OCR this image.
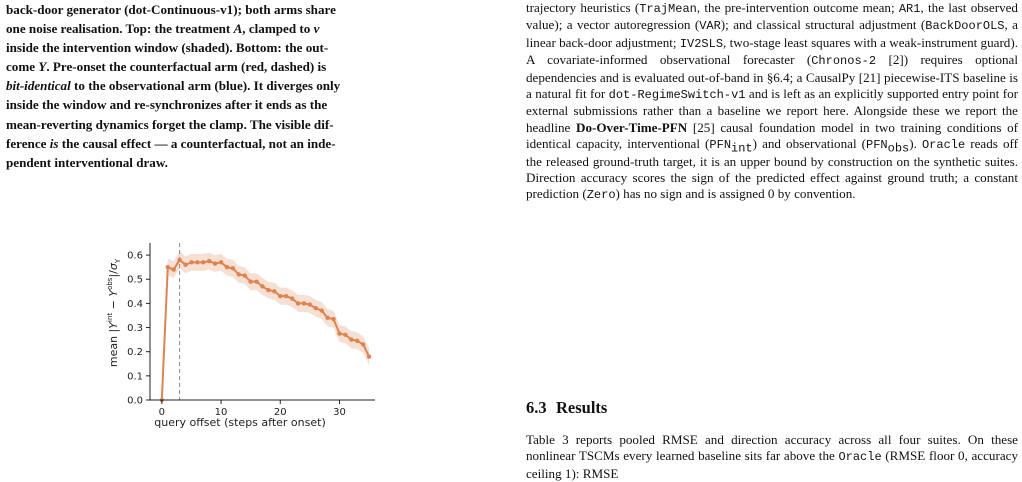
back-door generator (dot-Continuous-v1); both arms share
one noise realisation. Top: the treatment A, clamped to v
inside the intervention window (shaded). Bottom: the out-
come Y. Pre-onset the counterfactual arm (red, dashed) is
bit-identical to the observational arm (blue). It diverges only
inside the window and re-synchronizes after it ends as the
mean-reverting dynamics forget the clamp. The visible dif-
ference is the causal effect — a counterfactual, not an inde-
pendent interventional draw.
0	10	20	30
0.0
0.1
0.2
0.3
0.4
0.5
0.6
query offset (steps after onset)
mean $|Y^{int} - Y^{obs}|/\sigma_Y$

trajectory heuristics (TrajMean, the pre-intervention outcome mean; AR1, the last observed value); a vector autoregression (VAR); and classical structural adjustment (BackDoorOLS, a linear back-door adjustment; IV2SLS, two-stage least squares with a weak-instrument guard). A covariate-informed observational forecaster (Chronos-2 [2]) requires optional dependencies and is evaluated out-of-band in §6.4; a CausalPy [21] piecewise-ITS baseline is a natural fit for dot-RegimeSwitch-v1 and is left as an explicitly supported entry point for external submissions rather than a baseline we report here. Alongside these we report the headline Do-Over-Time-PFN [25] causal foundation model in two training conditions of identical capacity, interventional $(PFN_{int})$ and observational $(PFN_{obs})$. Oracle reads off the released ground-truth target, it is an upper bound by construction on the synthetic suites. Direction accuracy scores the sign of the predicted effect against ground truth; a constant prediction (Zero) has no sign and is assigned 0 by convention.

6.3 Results

Table 3 reports pooled RMSE and direction accuracy across all four suites. On these nonlinear TSCMs every learned baseline sits far above the Oracle (RMSE floor 0, accuracy ceiling 1): RMSE
